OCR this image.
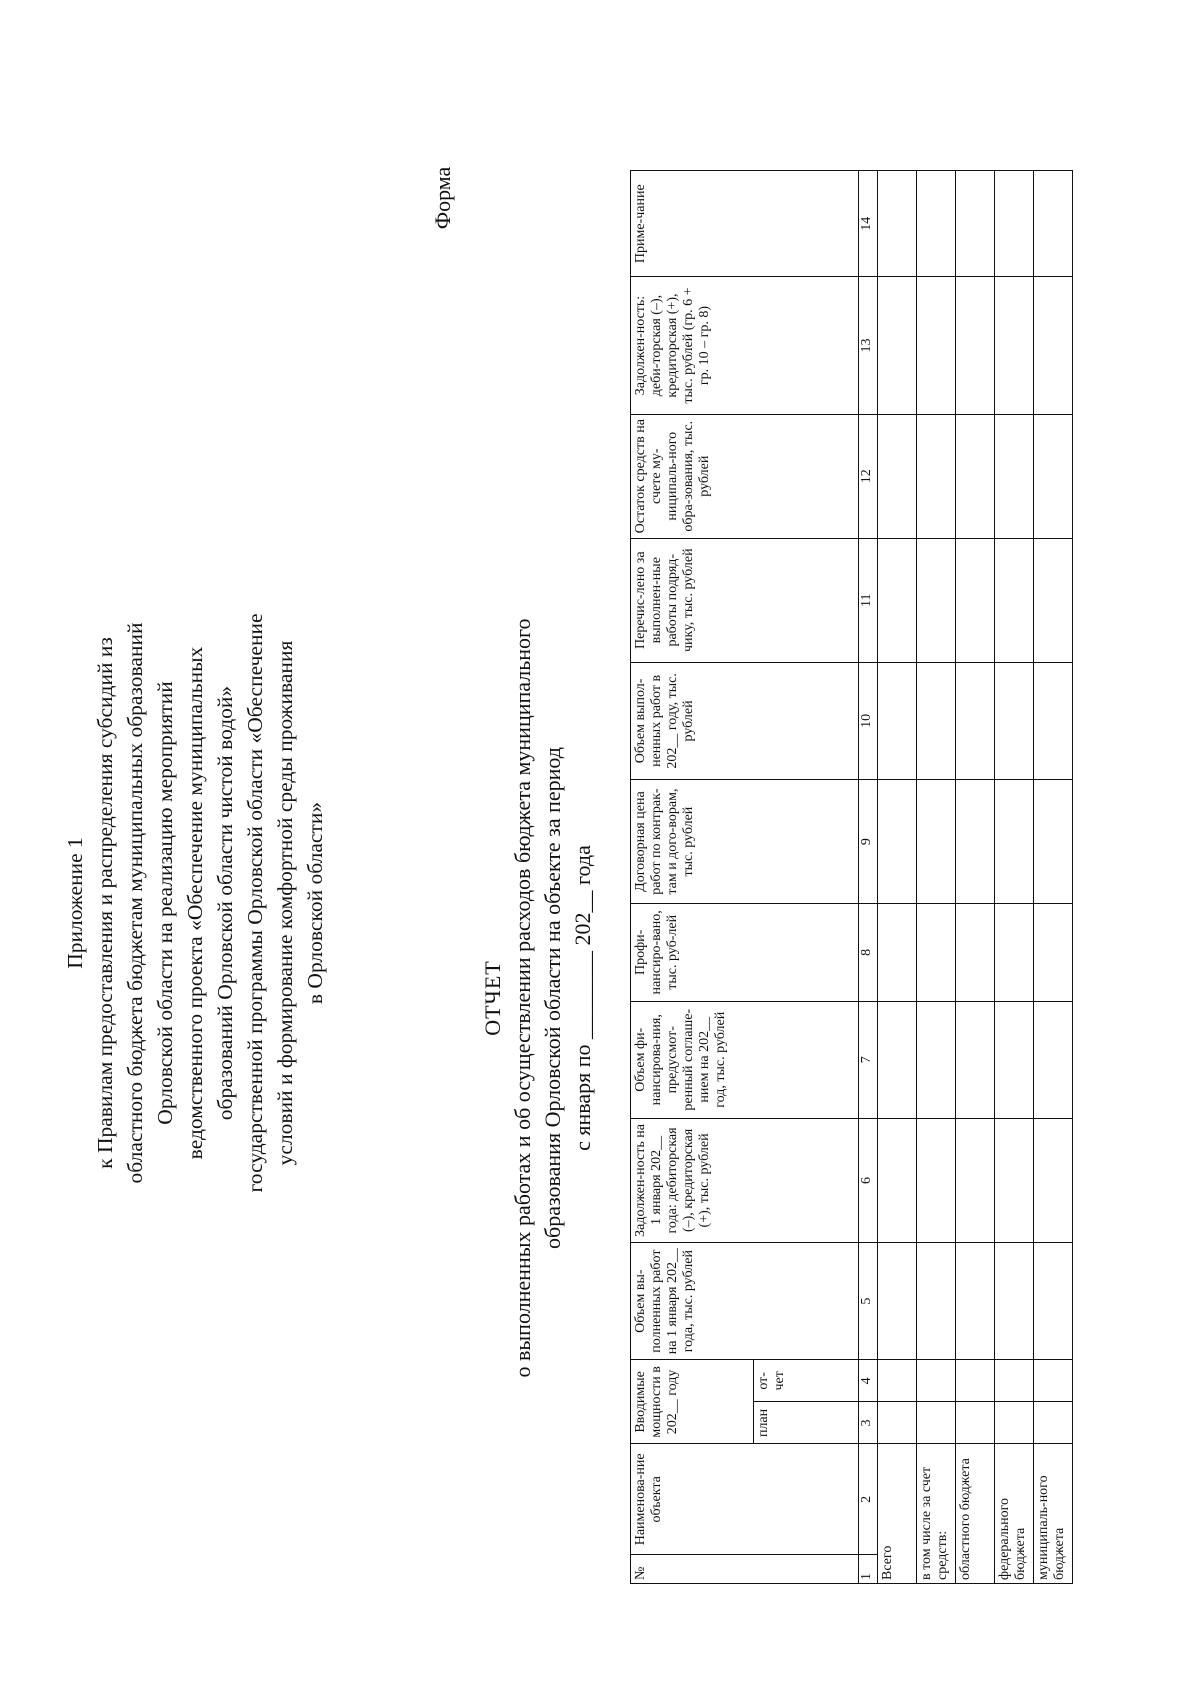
Приложение 1 к Правилам предоставления и распределения субсидий из областного бюджета бюджетам муниципальных образований Орловской области на реализацию мероприятий ведомственного проекта «Обеспечение муниципальных образований Орловской области чистой водой» государственной программы Орловской области «Обеспечение условий и формирование комфортной среды проживания в Орловской области»
Форма
ОТЧЕТ о выполненных работах и об осуществлении расходов бюджета муниципального образования Орловской области на объекте за период с января по ________ 202__ года
№	Наименова-ние объекта	Вводимые мощности в 202__ году		Объем вы-полненных работ на 1 января 202__ года, тыс. рублей	Задолжен-ность на 1 января 202__ года: дебиторская (–), кредиторская (+), тыс. рублей	Объем фи-нансирова-ния, предусмот-ренный соглаше-нием на 202__ год, тыс. рублей	Профи-нансиро-вано, тыс. руб-лей	Договорная цена работ по контрак-там и дого-ворам, тыс. рублей	Объем выпол-ненных работ в 202__ году, тыс. рублей	Перечис-лено за выполнен-ные работы подряд-чику, тыс. рублей	Остаток средств на счете му-ниципаль-ного обра-зования, тыс. рублей	Задолжен-ность: деби-торская (–), кредиторская (+), тыс. рублей (гр. 6 + гр. 10 – гр. 8)	Приме-чание
		план	от-чет										
1	2	3	4	5	6	7	8	9	10	11	12	13	14
Всего													
в том числе за счет средств:													
областного бюджета													
федерального бюджета													
муниципаль-ного бюджета													
